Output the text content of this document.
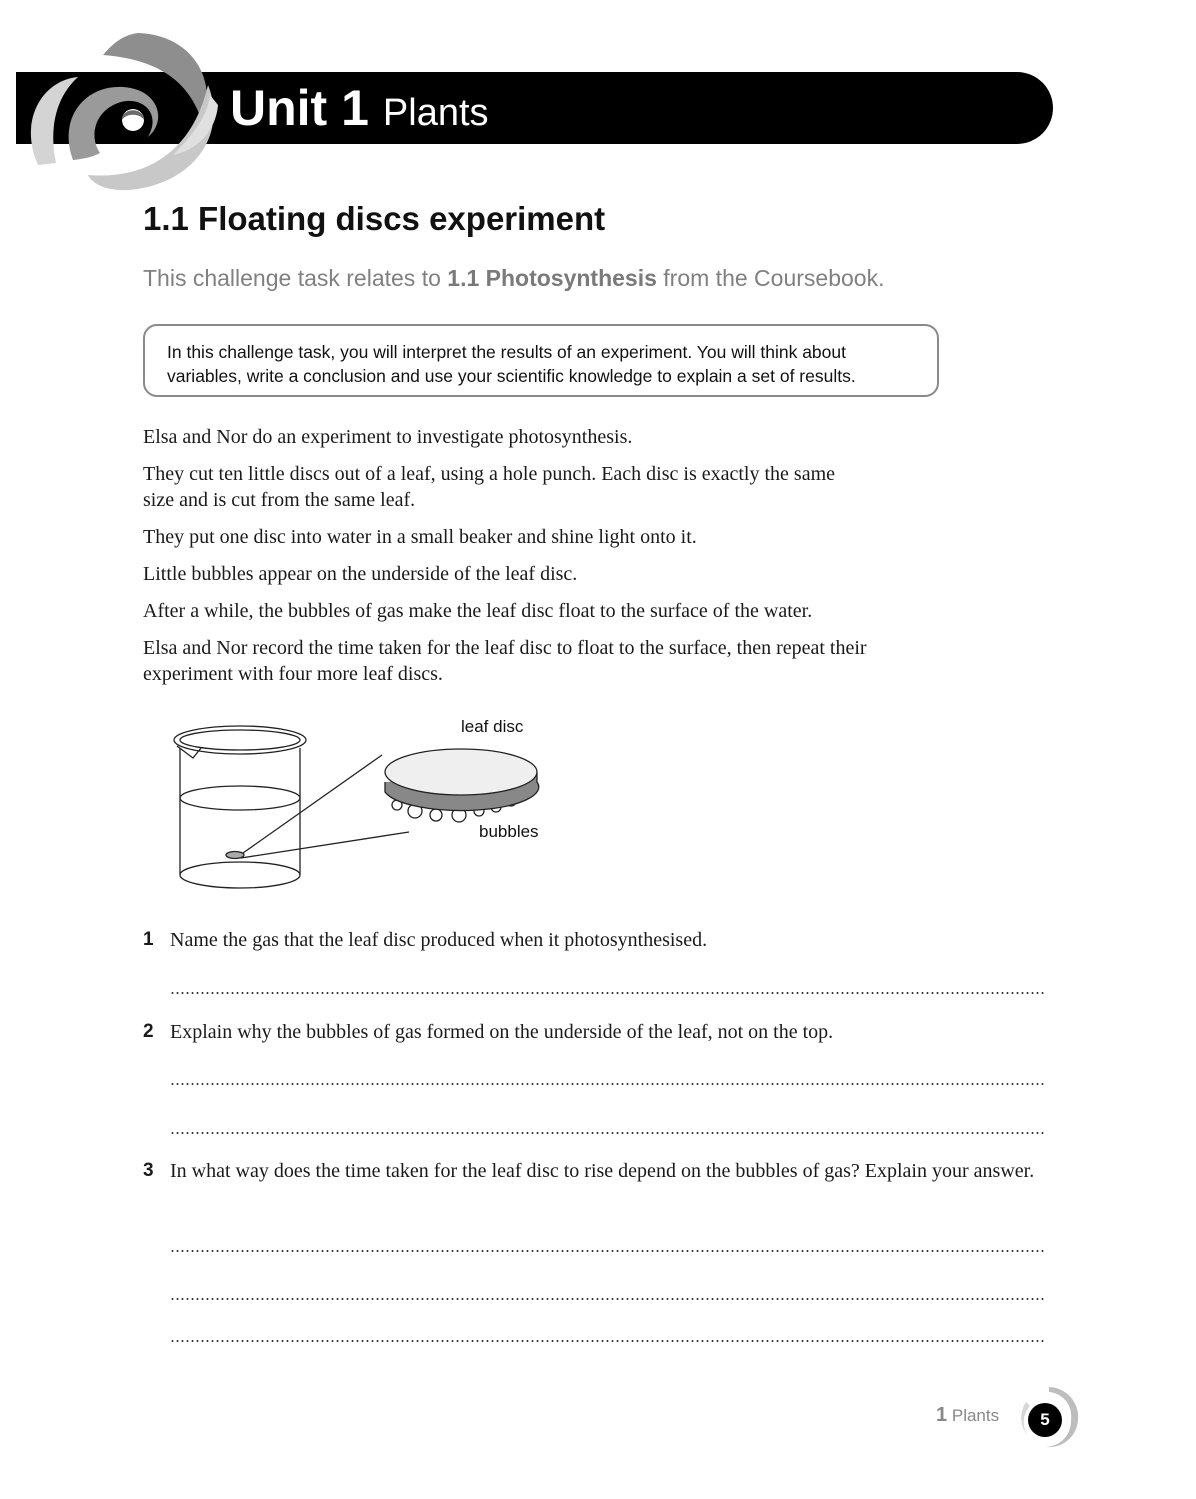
Unit 1 Plants
1.1 Floating discs experiment
This challenge task relates to 1.1 Photosynthesis from the Coursebook.
In this challenge task, you will interpret the results of an experiment. You will think about
variables, write a conclusion and use your scientific knowledge to explain a set of results.
Elsa and Nor do an experiment to investigate photosynthesis.
They cut ten little discs out of a leaf, using a hole punch. Each disc is exactly the same size and is cut from the same leaf.
They put one disc into water in a small beaker and shine light onto it.
Little bubbles appear on the underside of the leaf disc.
After a while, the bubbles of gas make the leaf disc float to the surface of the water.
Elsa and Nor record the time taken for the leaf disc to float to the surface, then repeat their experiment with four more leaf discs.
leaf disc
bubbles
1 Name the gas that the leaf disc produced when it photosynthesised.
2 Explain why the bubbles of gas formed on the underside of the leaf, not on the top.
3 In what way does the time taken for the leaf disc to rise depend on the bubbles of gas? Explain your answer.
1 Plants	5
